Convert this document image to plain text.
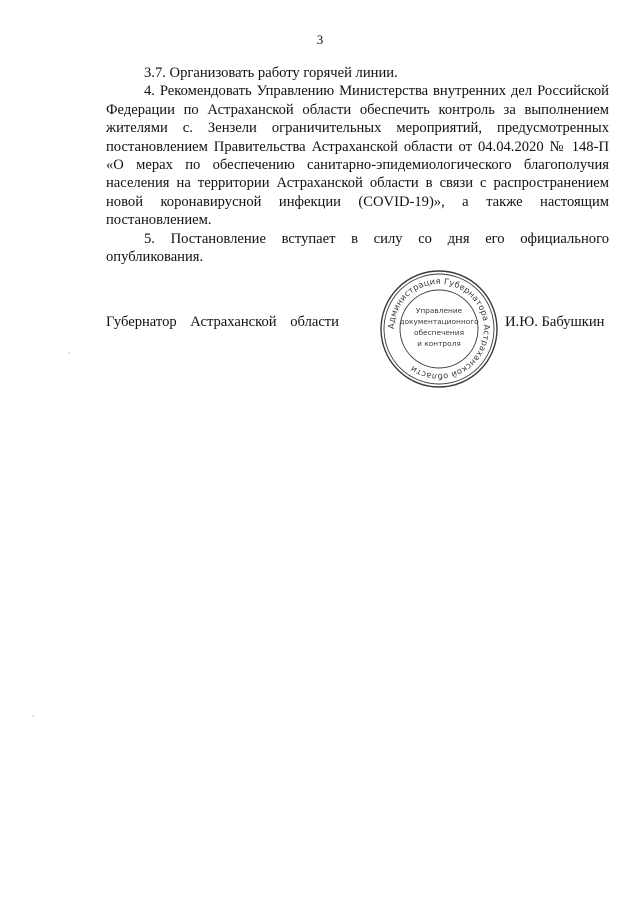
3

3.7. Организовать работу горячей линии.

4. Рекомендовать Управлению Министерства внутренних дел Российской Федерации по Астраханской области обеспечить контроль за выполнением жителями с. Зензели ограничительных мероприятий, предусмотренных постановлением Правительства Астраханской области от 04.04.2020 № 148-П «О мерах по обеспечению санитарно-эпидемиологического благополучия населения на территории Астраханской области в связи с распространением новой коронавирусной инфекции (COVID-19)», а также настоящим постановлением.

5. Постановление вступает в силу со дня его официального опубликования.

Губернатор Астраханской области	Администрация Губернатора Астраханской области
Управление
документационного
обеспечения
и контроля
И.Ю. Бабушкин
